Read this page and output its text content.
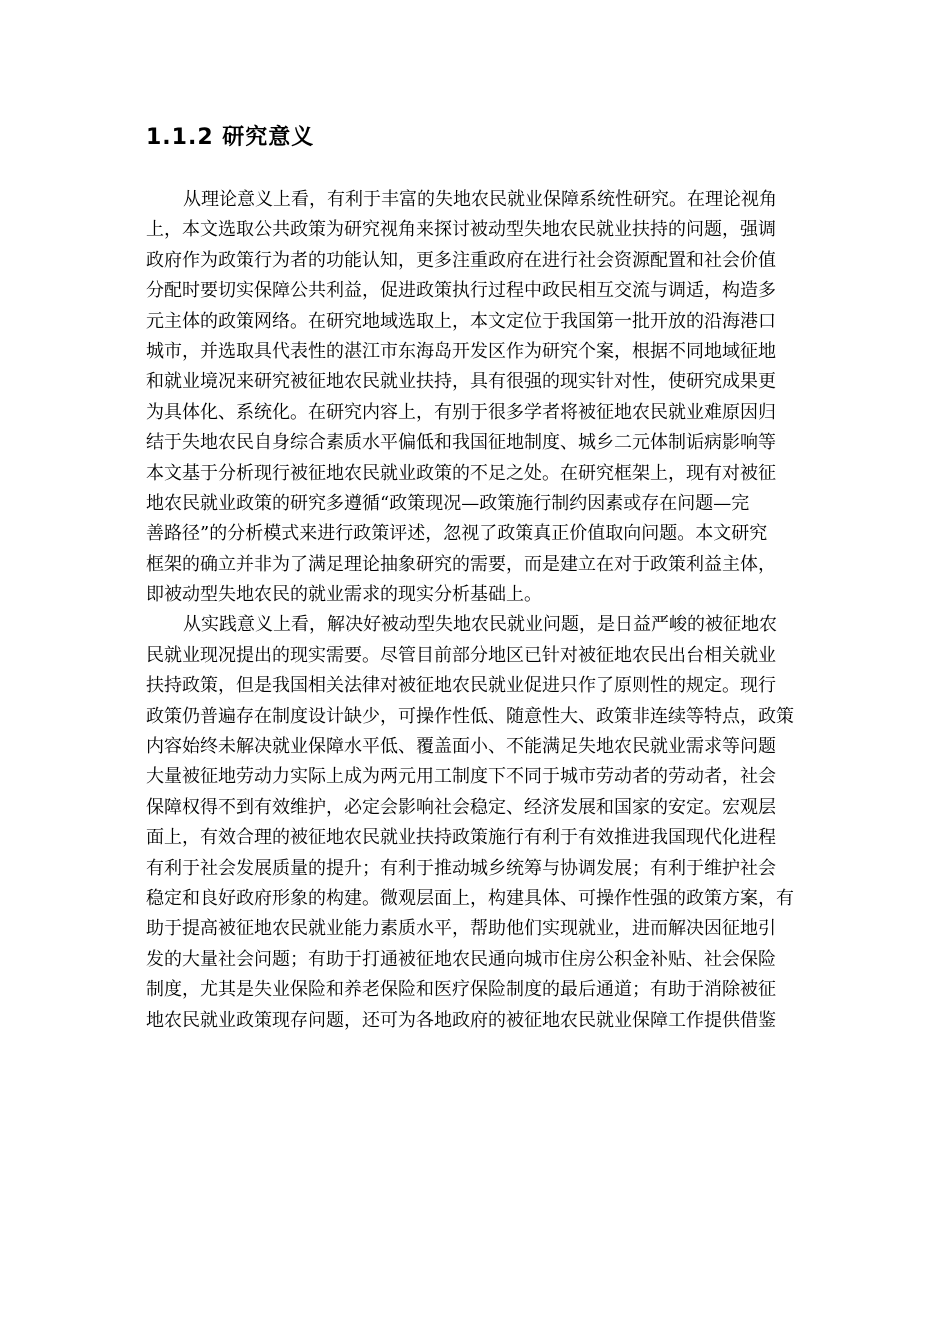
1.1.2 研究意义
从理论意义上看，有利于丰富的失地农民就业保障系统性研究。在理论视角
上，本文选取公共政策为研究视角来探讨被动型失地农民就业扶持的问题，强调
政府作为政策行为者的功能认知，更多注重政府在进行社会资源配置和社会价值
分配时要切实保障公共利益，促进政策执行过程中政民相互交流与调适，构造多
元主体的政策网络。在研究地域选取上，本文定位于我国第一批开放的沿海港口
城市，并选取具代表性的湛江市东海岛开发区作为研究个案，根据不同地域征地
和就业境况来研究被征地农民就业扶持，具有很强的现实针对性，使研究成果更
为具体化、系统化。在研究内容上，有别于很多学者将被征地农民就业难原因归
结于失地农民自身综合素质水平偏低和我国征地制度、城乡二元体制诟病影响等
本文基于分析现行被征地农民就业政策的不足之处。在研究框架上，现有对被征
地农民就业政策的研究多遵循“政策现况—政策施行制约因素或存在问题—完
善路径”的分析模式来进行政策评述，忽视了政策真正价值取向问题。本文研究
框架的确立并非为了满足理论抽象研究的需要，而是建立在对于政策利益主体，
即被动型失地农民的就业需求的现实分析基础上。
从实践意义上看，解决好被动型失地农民就业问题，是日益严峻的被征地农
民就业现况提出的现实需要。尽管目前部分地区已针对被征地农民出台相关就业
扶持政策，但是我国相关法律对被征地农民就业促进只作了原则性的规定。现行
政策仍普遍存在制度设计缺少，可操作性低、随意性大、政策非连续等特点，政策
内容始终未解决就业保障水平低、覆盖面小、不能满足失地农民就业需求等问题
大量被征地劳动力实际上成为两元用工制度下不同于城市劳动者的劳动者，社会
保障权得不到有效维护，必定会影响社会稳定、经济发展和国家的安定。宏观层
面上，有效合理的被征地农民就业扶持政策施行有利于有效推进我国现代化进程
有利于社会发展质量的提升；有利于推动城乡统筹与协调发展；有利于维护社会
稳定和良好政府形象的构建。微观层面上，构建具体、可操作性强的政策方案，有
助于提高被征地农民就业能力素质水平，帮助他们实现就业，进而解决因征地引
发的大量社会问题；有助于打通被征地农民通向城市住房公积金补贴、社会保险
制度，尤其是失业保险和养老保险和医疗保险制度的最后通道；有助于消除被征
地农民就业政策现存问题，还可为各地政府的被征地农民就业保障工作提供借鉴
